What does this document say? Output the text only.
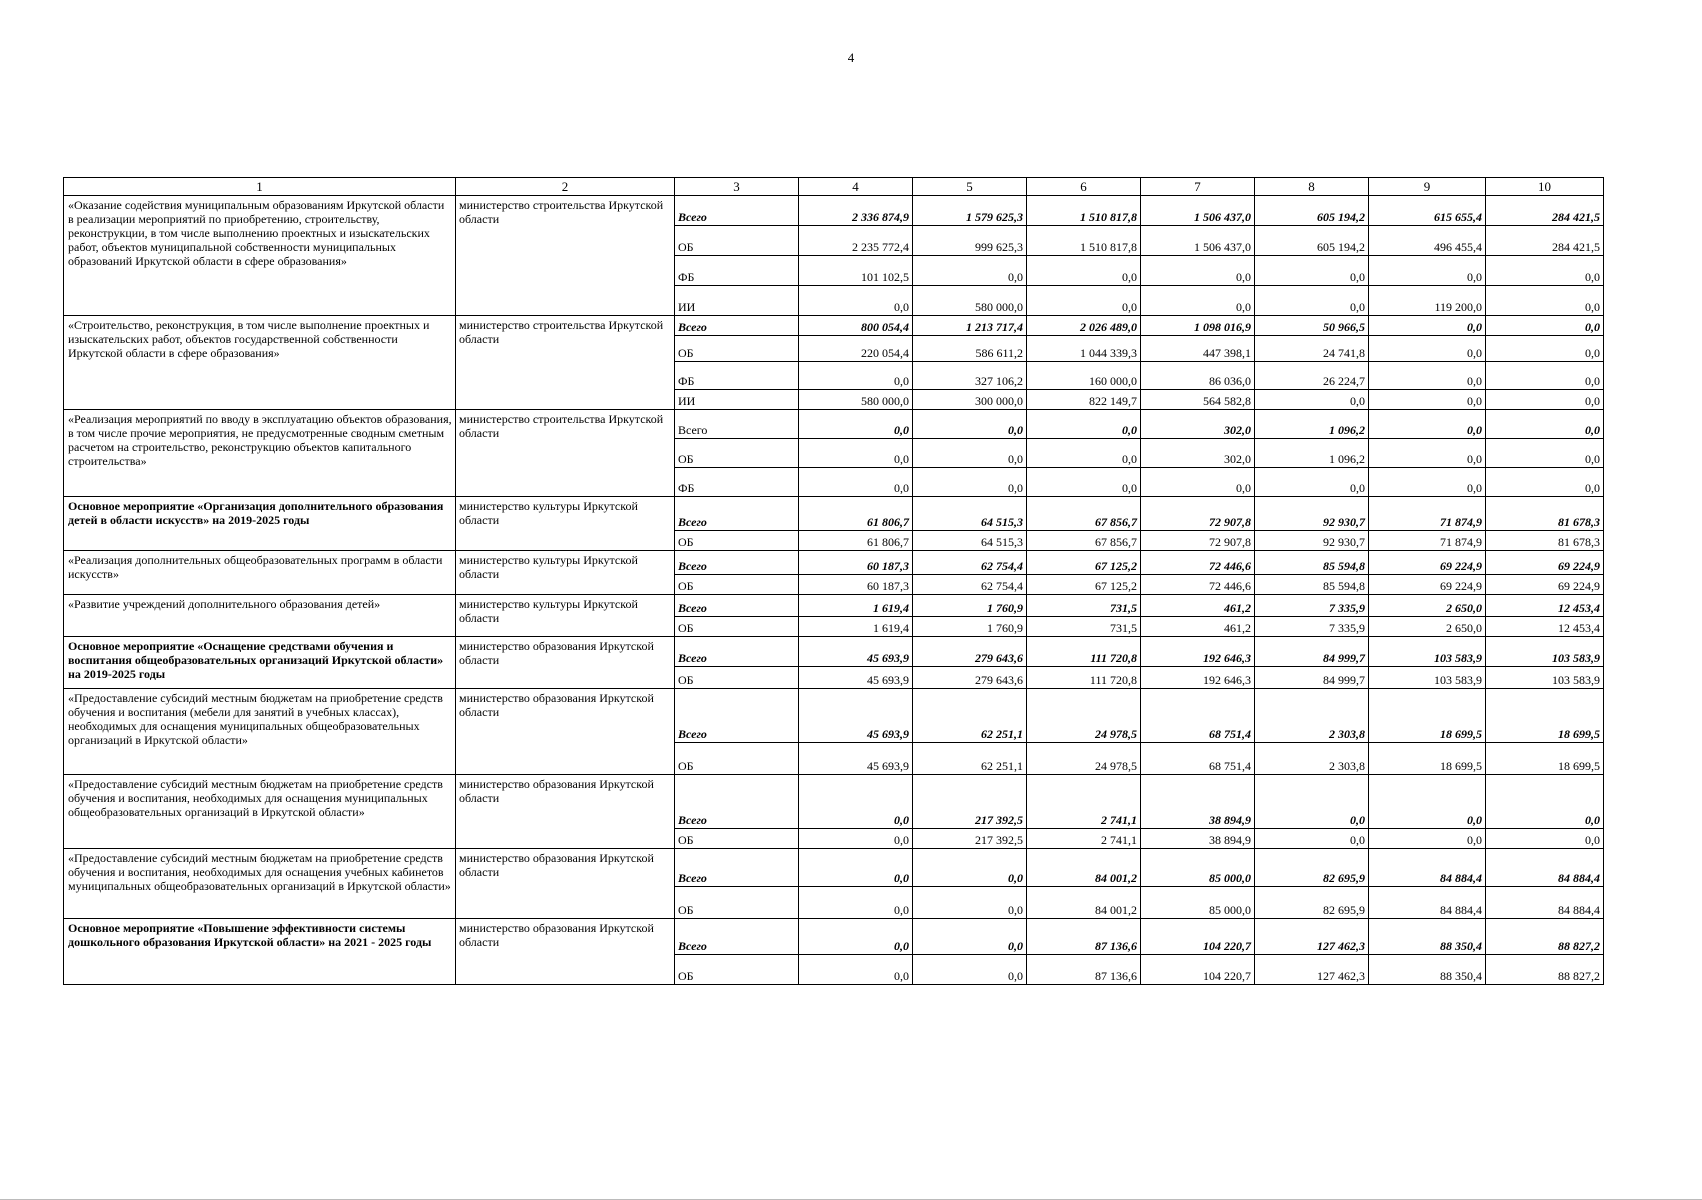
4
1	2	3	4	5	6	7	8	9	10
«Оказание содействия муниципальным образованиям Иркутской области в реализации мероприятий по приобретению, строительству, реконструкции, в том числе выполнению проектных и изыскательских работ, объектов муниципальной собственности муниципальных образований Иркутской области в сфере образования»	министерство строительства Иркутской области	Всего	2 336 874,9	1 579 625,3	1 510 817,8	1 506 437,0	605 194,2	615 655,4	284 421,5
		ОБ	2 235 772,4	999 625,3	1 510 817,8	1 506 437,0	605 194,2	496 455,4	284 421,5
		ФБ	101 102,5	0,0	0,0	0,0	0,0	0,0	0,0
		ИИ	0,0	580 000,0	0,0	0,0	0,0	119 200,0	0,0
«Строительство, реконструкция, в том числе выполнение проектных и изыскательских работ, объектов государственной собственности Иркутской области в сфере образования»	министерство строительства Иркутской области	Всего	800 054,4	1 213 717,4	2 026 489,0	1 098 016,9	50 966,5	0,0	0,0
		ОБ	220 054,4	586 611,2	1 044 339,3	447 398,1	24 741,8	0,0	0,0
		ФБ	0,0	327 106,2	160 000,0	86 036,0	26 224,7	0,0	0,0
		ИИ	580 000,0	300 000,0	822 149,7	564 582,8	0,0	0,0	0,0
«Реализация мероприятий по вводу в эксплуатацию объектов образования, в том числе прочие мероприятия, не предусмотренные сводным сметным расчетом на строительство, реконструкцию объектов капитального строительства»	министерство строительства Иркутской области	Всего	0,0	0,0	0,0	302,0	1 096,2	0,0	0,0
		ОБ	0,0	0,0	0,0	302,0	1 096,2	0,0	0,0
		ФБ	0,0	0,0	0,0	0,0	0,0	0,0	0,0
Основное мероприятие «Организация дополнительного образования детей в области искусств» на 2019-2025 годы	министерство культуры Иркутской области	Всего	61 806,7	64 515,3	67 856,7	72 907,8	92 930,7	71 874,9	81 678,3
		ОБ	61 806,7	64 515,3	67 856,7	72 907,8	92 930,7	71 874,9	81 678,3
«Реализация дополнительных общеобразовательных программ в области искусств»	министерство культуры Иркутской области	Всего	60 187,3	62 754,4	67 125,2	72 446,6	85 594,8	69 224,9	69 224,9
		ОБ	60 187,3	62 754,4	67 125,2	72 446,6	85 594,8	69 224,9	69 224,9
«Развитие учреждений дополнительного образования детей»	министерство культуры Иркутской области	Всего	1 619,4	1 760,9	731,5	461,2	7 335,9	2 650,0	12 453,4
		ОБ	1 619,4	1 760,9	731,5	461,2	7 335,9	2 650,0	12 453,4
Основное мероприятие «Оснащение средствами обучения и воспитания общеобразовательных организаций Иркутской области» на 2019-2025 годы	министерство образования Иркутской области	Всего	45 693,9	279 643,6	111 720,8	192 646,3	84 999,7	103 583,9	103 583,9
		ОБ	45 693,9	279 643,6	111 720,8	192 646,3	84 999,7	103 583,9	103 583,9
«Предоставление субсидий местным бюджетам на приобретение средств обучения и воспитания (мебели для занятий в учебных классах), необходимых для оснащения муниципальных общеобразовательных организаций в Иркутской области»	министерство образования Иркутской области	Всего	45 693,9	62 251,1	24 978,5	68 751,4	2 303,8	18 699,5	18 699,5
		ОБ	45 693,9	62 251,1	24 978,5	68 751,4	2 303,8	18 699,5	18 699,5
«Предоставление субсидий местным бюджетам на приобретение средств обучения и воспитания, необходимых для оснащения муниципальных общеобразовательных организаций в Иркутской области»	министерство образования Иркутской области	Всего	0,0	217 392,5	2 741,1	38 894,9	0,0	0,0	0,0
		ОБ	0,0	217 392,5	2 741,1	38 894,9	0,0	0,0	0,0
«Предоставление субсидий местным бюджетам на приобретение средств обучения и воспитания, необходимых для оснащения учебных кабинетов муниципальных общеобразовательных организаций в Иркутской области»	министерство образования Иркутской области	Всего	0,0	0,0	84 001,2	85 000,0	82 695,9	84 884,4	84 884,4
		ОБ	0,0	0,0	84 001,2	85 000,0	82 695,9	84 884,4	84 884,4
Основное мероприятие «Повышение эффективности системы дошкольного образования Иркутской области» на 2021 - 2025 годы	министерство образования Иркутской области	Всего	0,0	0,0	87 136,6	104 220,7	127 462,3	88 350,4	88 827,2
		ОБ	0,0	0,0	87 136,6	104 220,7	127 462,3	88 350,4	88 827,2
